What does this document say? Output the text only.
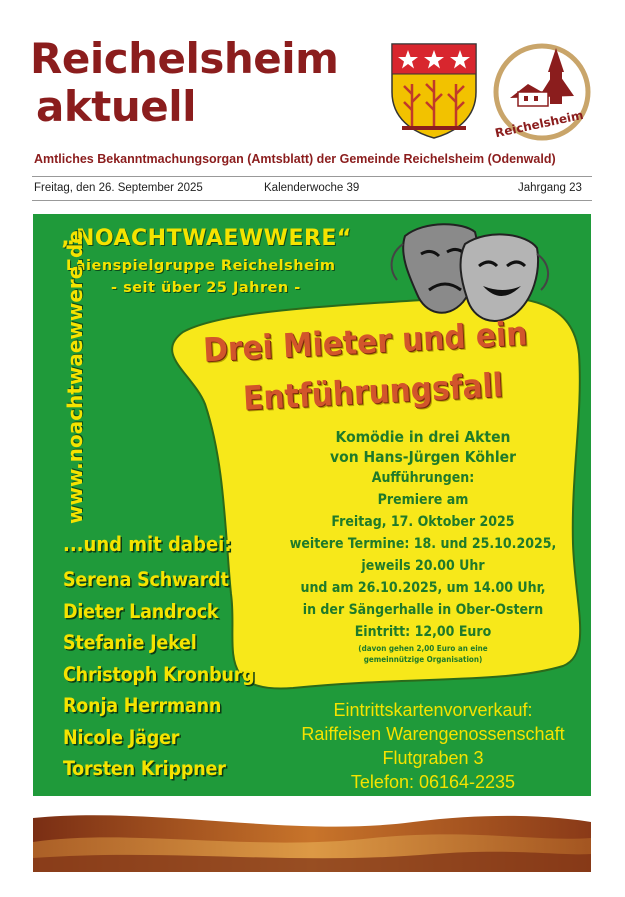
Reichelsheim
aktuell	Reichelsheim
Amtliches Bekanntmachungsorgan (Amtsblatt) der Gemeinde Reichelsheim (Odenwald)
Freitag, den 26. September 2025	Kalenderwoche 39	Jahrgang 23

„NOACHTWAEWWERE“

Laienspielgruppe Reichelsheim

- seit über 25 Jahren -

www.noachtwaewwere.de	Drei Mieter und ein

Entführungsfall

Komödie in drei Akten

von Hans-Jürgen Köhler

Aufführungen:

Premiere am

Freitag, 17. Oktober 2025

weitere Termine: 18. und 25.10.2025,

jeweils 20.00 Uhr

und am 26.10.2025, um 14.00 Uhr,

in der Sängerhalle in Ober-Ostern

Eintritt: 12,00 Euro

(davon gehen 2,00 Euro an eine

gemeinnützige Organisation)

...und mit dabei:

Serena Schwardt
Dieter Landrock
Stefanie Jekel
Christoph Kronburg
Ronja Herrmann
Nicole Jäger
Torsten Krippner

Eintrittskartenvorverkauf:

Raiffeisen Warengenossenschaft

Flutgraben 3

Telefon: 06164-2235
